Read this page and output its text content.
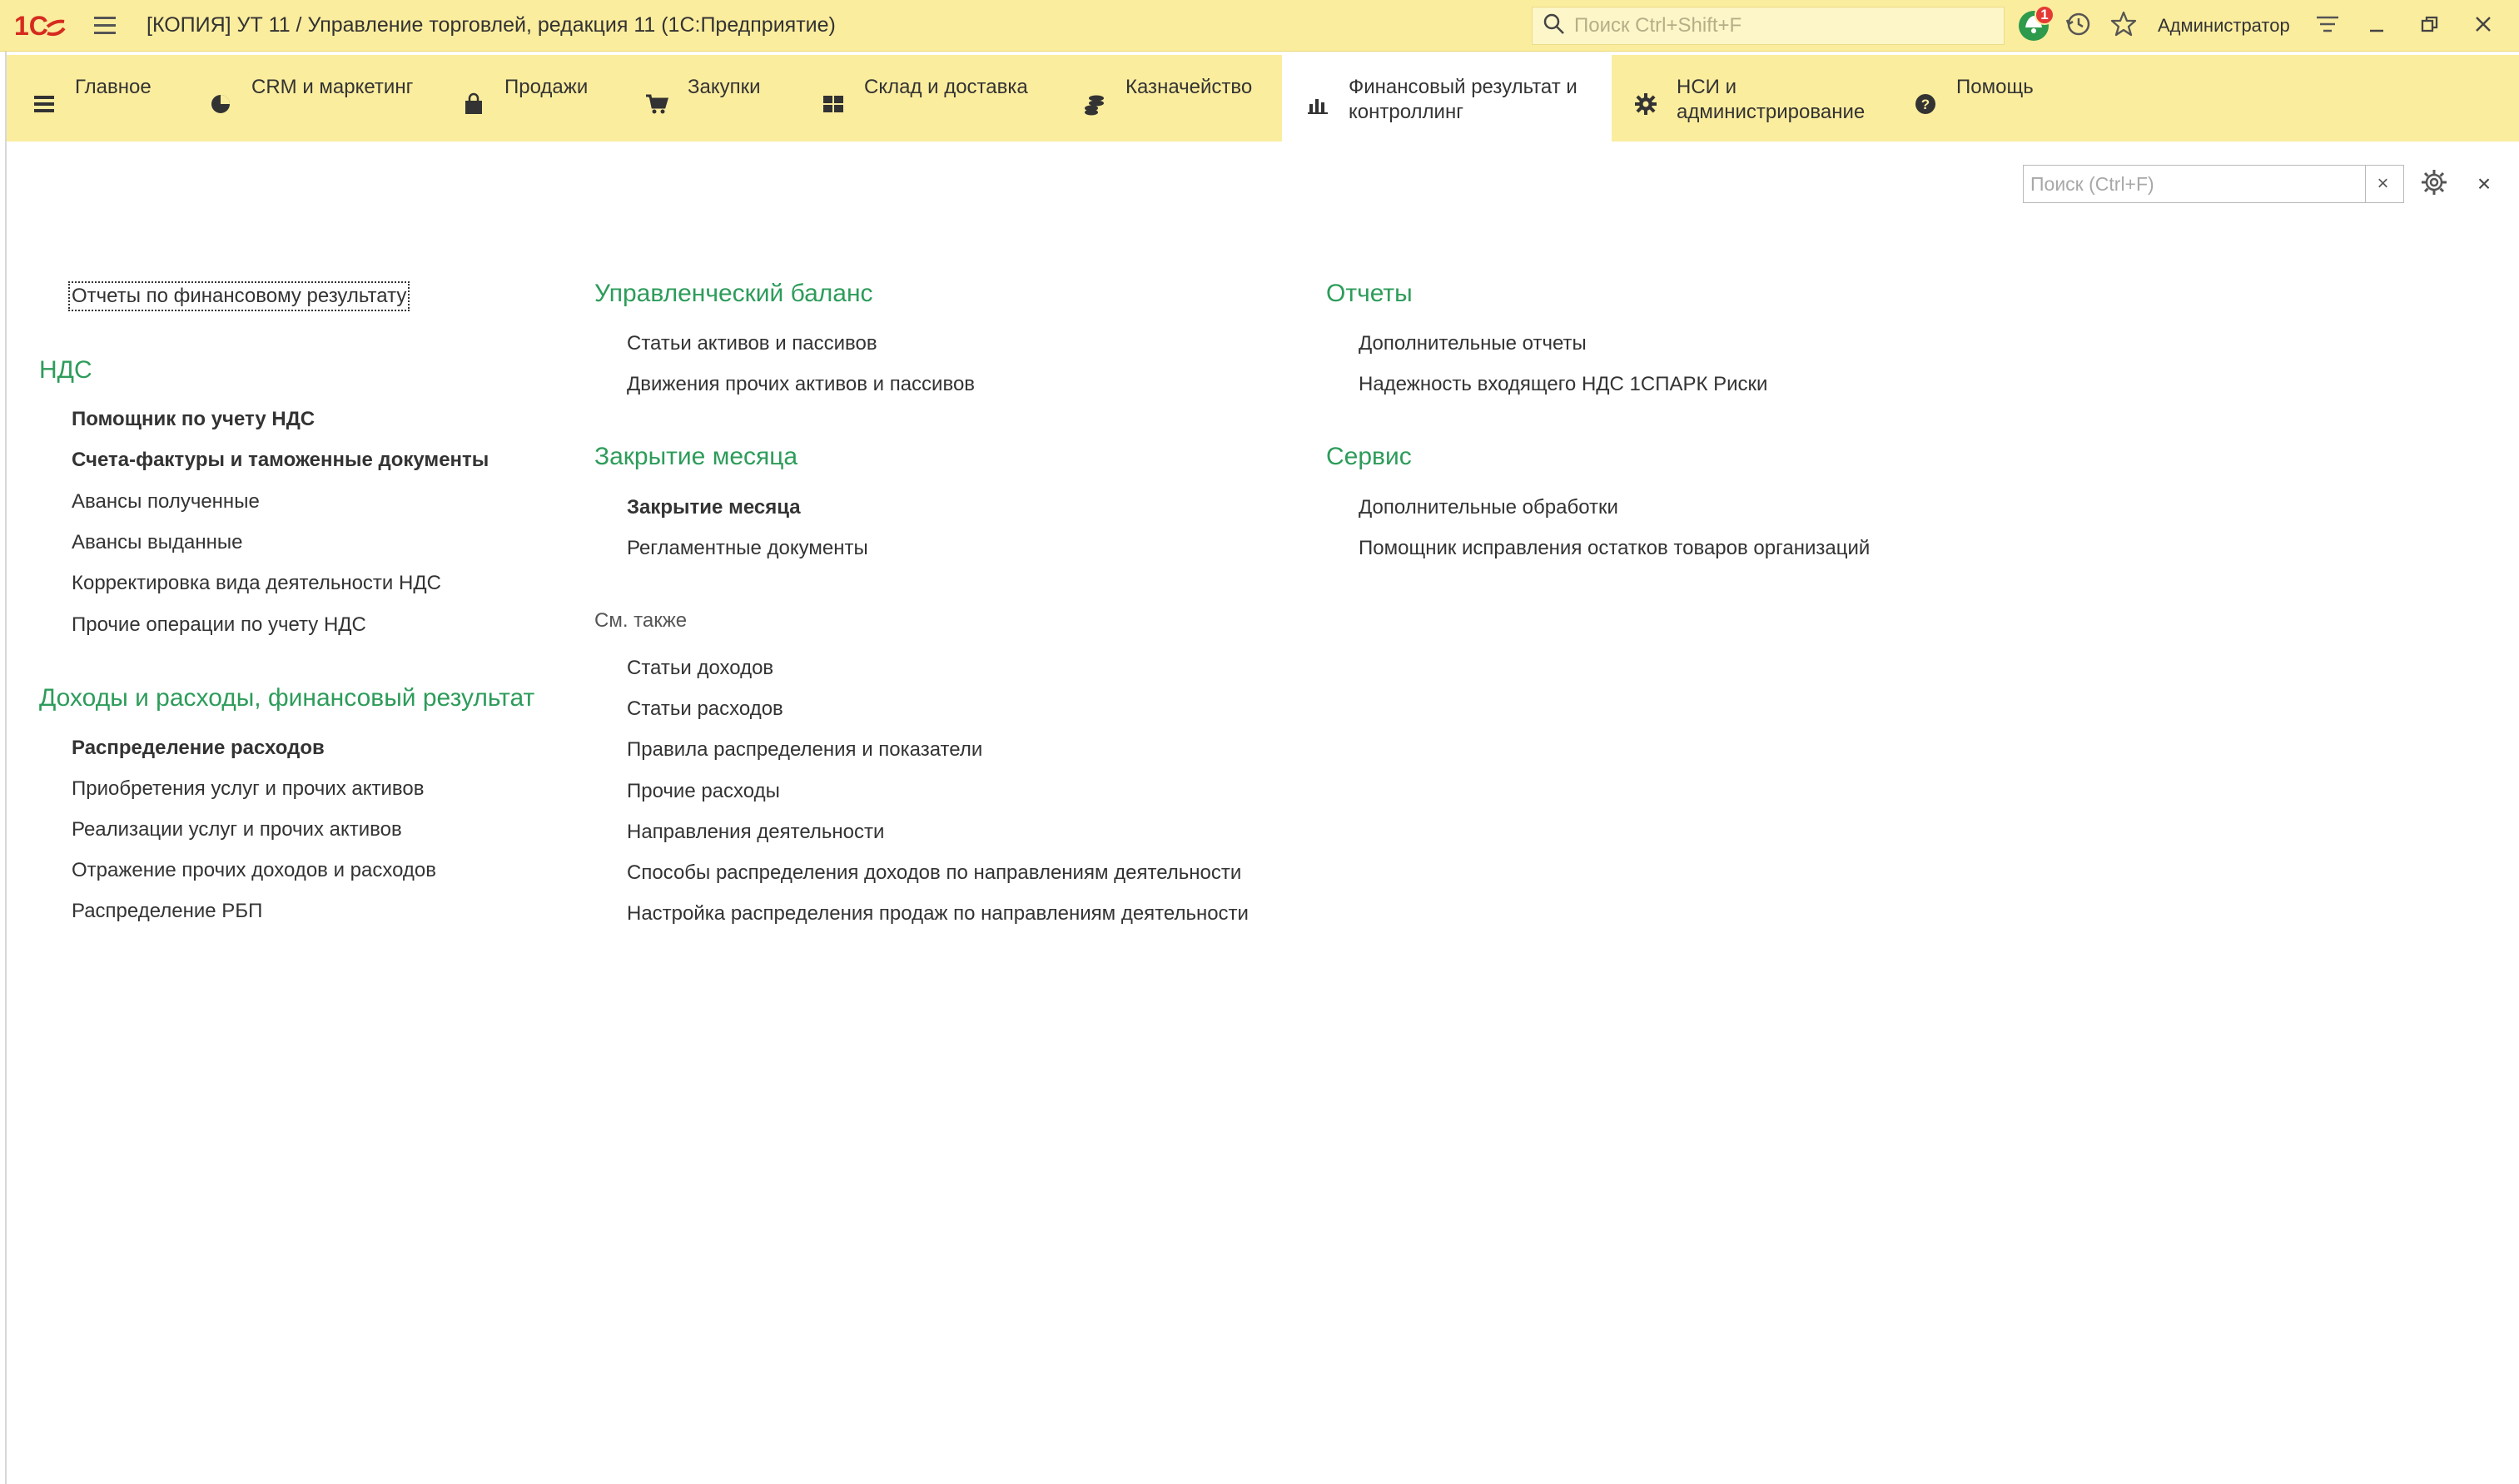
1С	[КОПИЯ] УТ 11 / Управление торговлей, редакция 11 (1С:Предприятие)
Поиск Ctrl+Shift+F	1
Администратор
Главное	CRM и маркетинг	Продажи	Закупки	Склад и доставка	Казначейство	Финансовый результат и контроллинг
НСИ и администрирование	?
Помощь
Поиск (Ctrl+F)
×	×
Отчеты по финансовому результату
НДС
Помощник по учету НДС
Счета-фактуры и таможенные документы
Авансы полученные
Авансы выданные
Корректировка вида деятельности НДС
Прочие операции по учету НДС
Доходы и расходы, финансовый результат
Распределение расходов
Приобретения услуг и прочих активов
Реализации услуг и прочих активов
Отражение прочих доходов и расходов
Распределение РБП
Управленческий баланс
Статьи активов и пассивов
Движения прочих активов и пассивов
Закрытие месяца
Закрытие месяца
Регламентные документы
См. также
Статьи доходов
Статьи расходов
Правила распределения и показатели
Прочие расходы
Направления деятельности
Способы распределения доходов по направлениям деятельности
Настройка распределения продаж по направлениям деятельности
Отчеты
Дополнительные отчеты
Надежность входящего НДС 1СПАРК Риски
Сервис
Дополнительные обработки
Помощник исправления остатков товаров организаций
